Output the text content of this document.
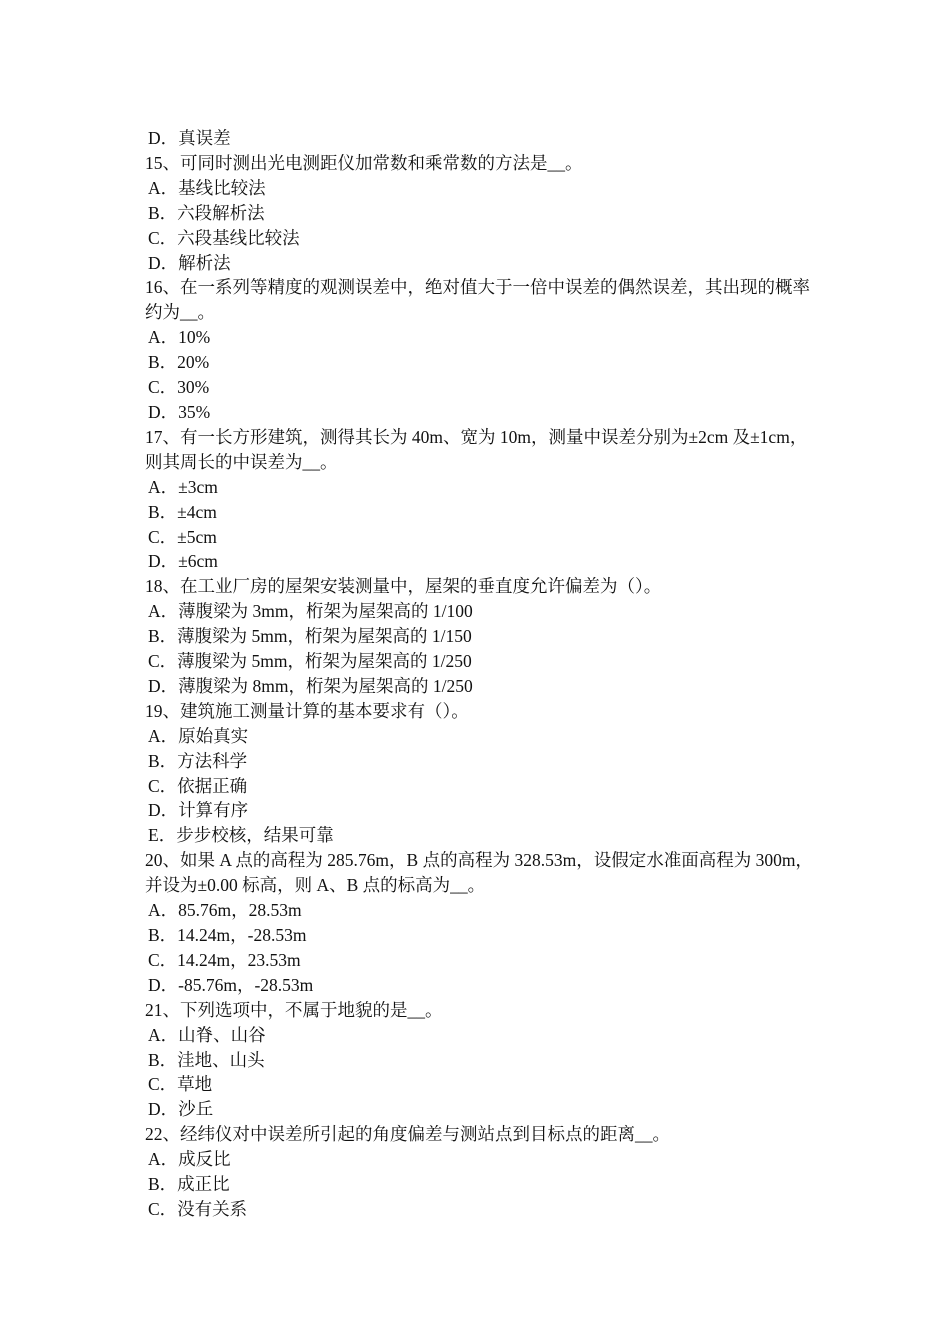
D．真误差
15、可同时测出光电测距仪加常数和乘常数的方法是__。
A．基线比较法
B．六段解析法
C．六段基线比较法
D．解析法
16、在一系列等精度的观测误差中，绝对值大于一倍中误差的偶然误差，其出现的概率约为__。
A．10%
B．20%
C．30%
D．35%
17、有一长方形建筑，测得其长为 40m、宽为 10m，测量中误差分别为±2cm 及±1cm，则其周长的中误差为__。
A．±3cm
B．±4cm
C．±5cm
D．±6cm
18、在工业厂房的屋架安装测量中，屋架的垂直度允许偏差为（）。
A．薄腹梁为 3mm，桁架为屋架高的 1/100
B．薄腹梁为 5mm，桁架为屋架高的 1/150
C．薄腹梁为 5mm，桁架为屋架高的 1/250
D．薄腹梁为 8mm，桁架为屋架高的 1/250
19、建筑施工测量计算的基本要求有（）。
A．原始真实
B．方法科学
C．依据正确
D．计算有序
E．步步校核，结果可靠
20、如果 A 点的高程为 285.76m，B 点的高程为 328.53m，设假定水准面高程为 300m，并设为±0.00 标高，则 A、B 点的标高为__。
A．85.76m，28.53m
B．14.24m，-28.53m
C．14.24m，23.53m
D．-85.76m，-28.53m
21、下列选项中，不属于地貌的是__。
A．山脊、山谷
B．洼地、山头
C．草地
D．沙丘
22、经纬仪对中误差所引起的角度偏差与测站点到目标点的距离__。
A．成反比
B．成正比
C．没有关系
